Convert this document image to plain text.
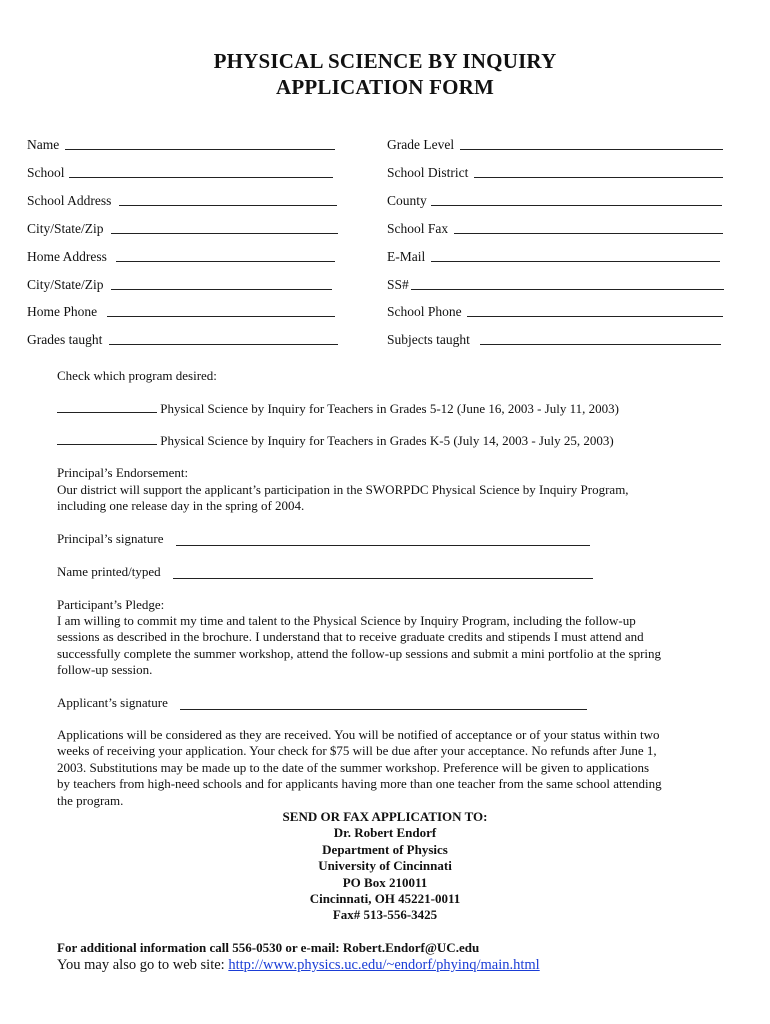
PHYSICAL SCIENCE BY INQUIRY
APPLICATION FORM
Name
School
School Address
City/State/Zip
Home Address
City/State/Zip
Home Phone
Grades taught
Grade Level
School District
County
School Fax
E-Mail
SS#
School Phone
Subjects taught
Check which program desired:
Physical Science by Inquiry for Teachers in Grades 5-12 (June 16, 2003 - July 11, 2003)
Physical Science by Inquiry for Teachers in Grades K-5 (July 14, 2003 - July 25, 2003)
Principal’s Endorsement:
Our district will support the applicant’s participation in the SWORPDC Physical Science by Inquiry Program,
including one release day in the spring of 2004.
Principal’s signature
Name printed/typed
Participant’s Pledge:
I am willing to commit my time and talent to the Physical Science by Inquiry Program, including the follow-up
sessions as described in the brochure. I understand that to receive graduate credits and stipends I must attend and
successfully complete the summer workshop, attend the follow-up sessions and submit a mini portfolio at the spring
follow-up session.
Applicant’s signature
Applications will be considered as they are received. You will be notified of acceptance or of your status within two
weeks of receiving your application. Your check for $75 will be due after your acceptance. No refunds after June 1,
2003. Substitutions may be made up to the date of the summer workshop. Preference will be given to applications
by teachers from high-need schools and for applicants having more than one teacher from the same school attending
the program.
SEND OR FAX APPLICATION TO:
Dr. Robert Endorf
Department of Physics
University of Cincinnati
PO Box 210011
Cincinnati, OH 45221-0011
Fax# 513-556-3425
For additional information call 556-0530 or e-mail: Robert.Endorf@UC.edu
You may also go to web site: http://www.physics.uc.edu/~endorf/phyinq/main.html
